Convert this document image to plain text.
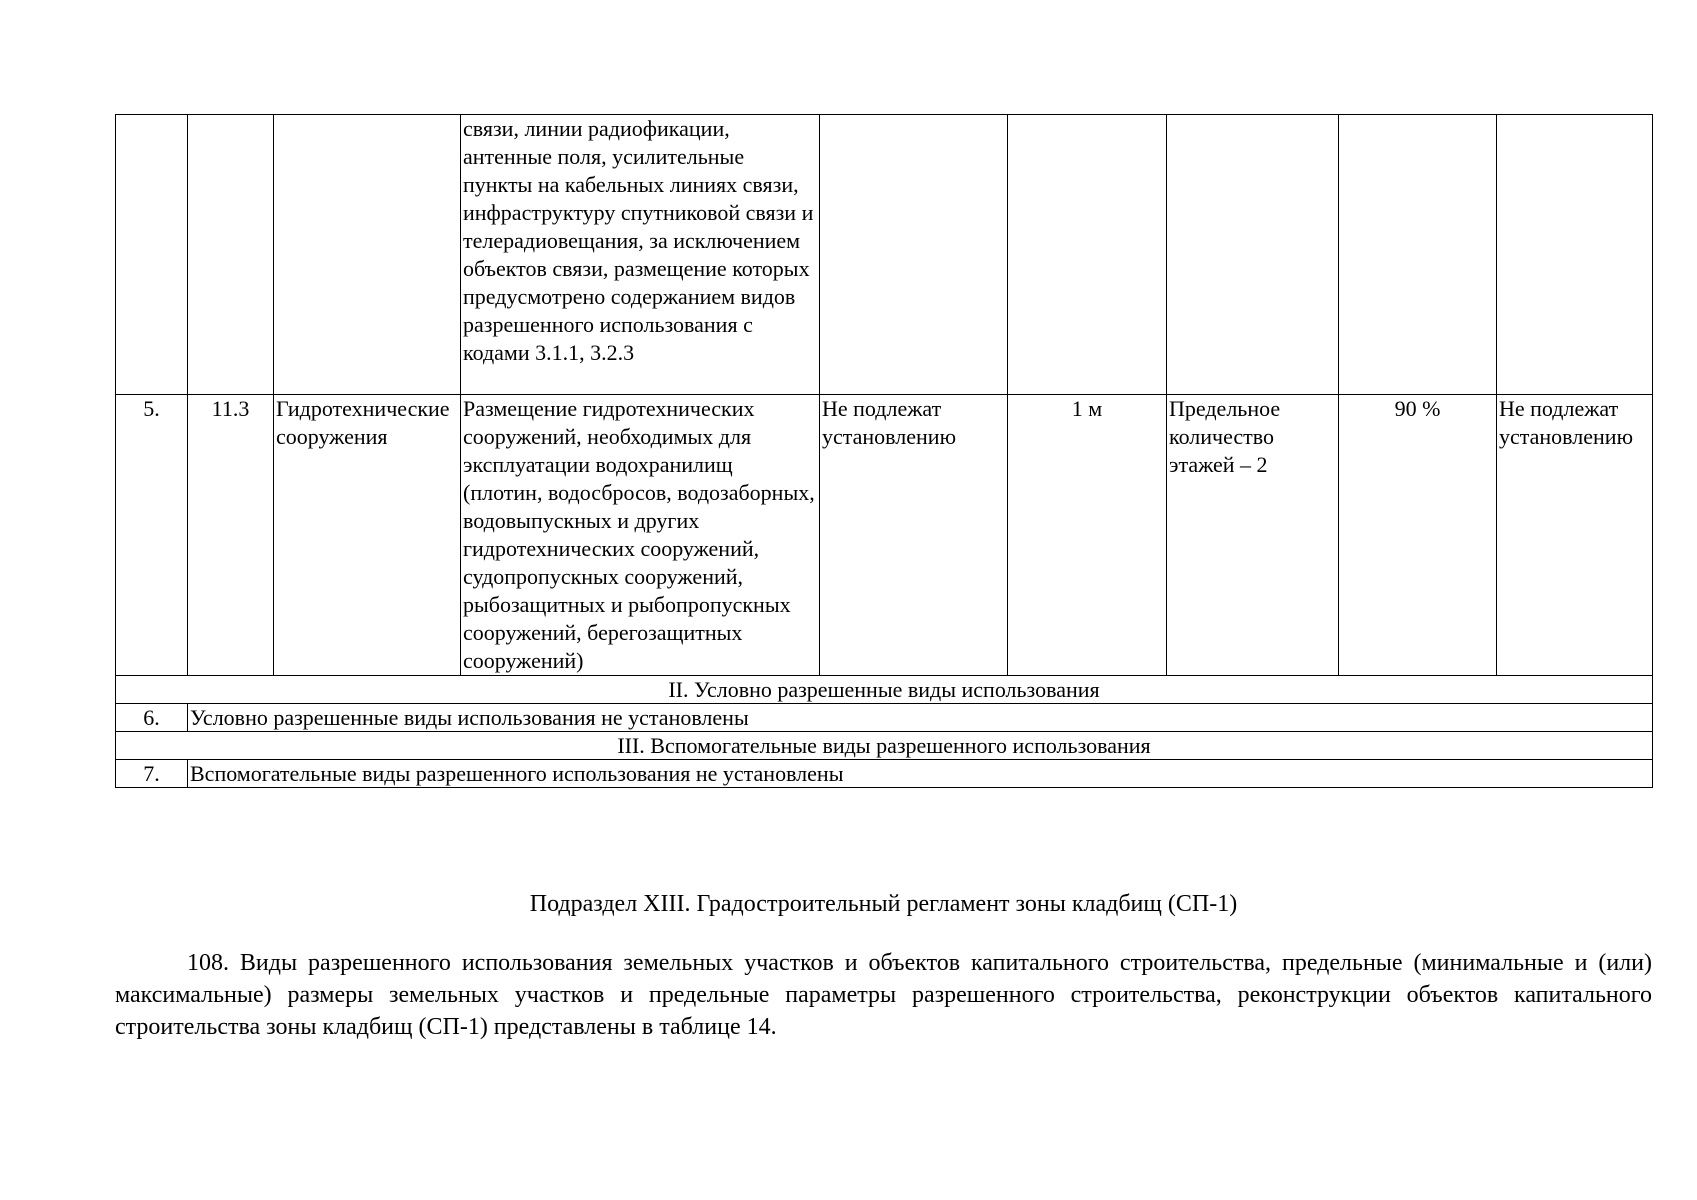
			связи, линии радиофикации, антенные поля, усилительные пункты на кабельных линиях связи, инфраструктуру спутниковой связи и телерадиовещания, за исключением объектов связи, размещение которых предусмотрено содержанием видов разрешенного использования с кодами 3.1.1, 3.2.3					
5.	11.3	Гидротехнические сооружения	Размещение гидротехнических сооружений, необходимых для эксплуатации водохранилищ (плотин, водосбросов, водозаборных, водовыпускных и других гидротехнических сооружений, судопропускных сооружений, рыбозащитных и рыбопропускных сооружений, берегозащитных сооружений)	Не подлежат установлению	1 м	Предельное количество этажей – 2	90 %	Не подлежат установлению
II. Условно разрешенные виды использования								
6.	Условно разрешенные виды использования не установлены							
III. Вспомогательные виды разрешенного использования								
7.	Вспомогательные виды разрешенного использования не установлены							
Подраздел XIII. Градостроительный регламент зоны кладбищ (СП-1)

108. Виды разрешенного использования земельных участков и объектов капитального строительства, предельные (минимальные и (или) максимальные) размеры земельных участков и предельные параметры разрешенного строительства, реконструкции объектов капитального строительства зоны кладбищ (СП-1) представлены в таблице 14.
